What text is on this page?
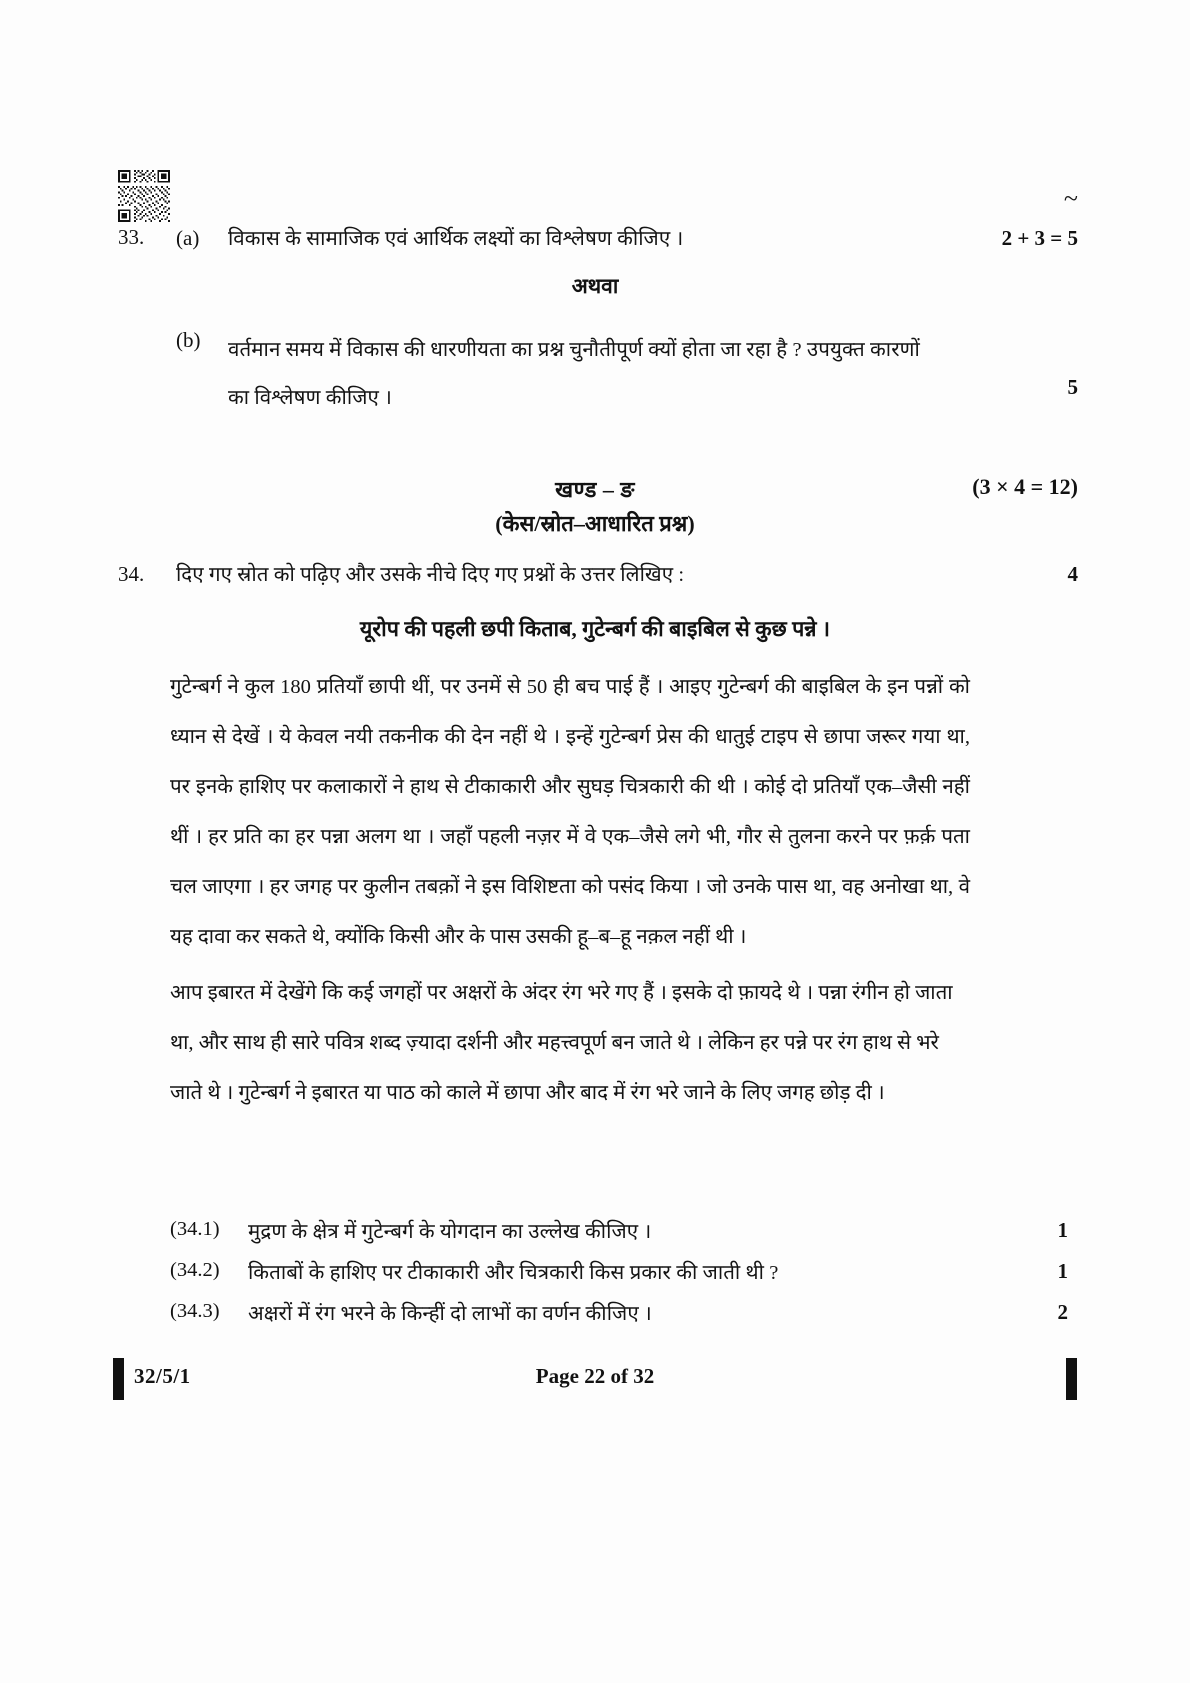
~
33. (a) विकास के सामाजिक एवं आर्थिक लक्ष्यों का विश्लेषण कीजिए ।	2 + 3 = 5
अथवा
(b) वर्तमान समय में विकास की धारणीयता का प्रश्न चुनौतीपूर्ण क्यों होता जा रहा है ? उपयुक्त कारणों
का विश्लेषण कीजिए ।	5
खण्ड – ङ	(3 × 4 = 12)
(केस/स्रोत–आधारित प्रश्न)
34. दिए गए स्रोत को पढ़िए और उसके नीचे दिए गए प्रश्नों के उत्तर लिखिए :	4
यूरोप की पहली छपी किताब, गुटेन्बर्ग की बाइबिल से कुछ पन्ने ।

गुटेन्बर्ग ने कुल 180 प्रतियाँ छापी थीं, पर उनमें से 50 ही बच पाई हैं । आइए गुटेन्बर्ग की बाइबिल के इन पन्नों को ध्यान से देखें । ये केवल नयी तकनीक की देन नहीं थे । इन्हें गुटेन्बर्ग प्रेस की धातुई टाइप से छापा जरूर गया था, पर इनके हाशिए पर कलाकारों ने हाथ से टीकाकारी और सुघड़ चित्रकारी की थी । कोई दो प्रतियाँ एक–जैसी नहीं थीं । हर प्रति का हर पन्ना अलग था । जहाँ पहली नज़र में वे एक–जैसे लगे भी, गौर से तुलना करने पर फ़र्क़ पता चल जाएगा । हर जगह पर कुलीन तबक़ों ने इस विशिष्टता को पसंद किया । जो उनके पास था, वह अनोखा था, वे यह दावा कर सकते थे, क्योंकि किसी और के पास उसकी हू–ब–हू नक़ल नहीं थी ।

आप इबारत में देखेंगे कि कई जगहों पर अक्षरों के अंदर रंग भरे गए हैं । इसके दो फ़ायदे थे । पन्ना रंगीन हो जाता था, और साथ ही सारे पवित्र शब्द ज़्यादा दर्शनी और महत्त्वपूर्ण बन जाते थे । लेकिन हर पन्ने पर रंग हाथ से भरे जाते थे । गुटेन्बर्ग ने इबारत या पाठ को काले में छापा और बाद में रंग भरे जाने के लिए जगह छोड़ दी ।

(34.1) मुद्रण के क्षेत्र में गुटेन्बर्ग के योगदान का उल्लेख कीजिए ।	1
(34.2) किताबों के हाशिए पर टीकाकारी और चित्रकारी किस प्रकार की जाती थी ?	1
(34.3) अक्षरों में रंग भरने के किन्हीं दो लाभों का वर्णन कीजिए ।	2
32/5/1	Page 22 of 32
